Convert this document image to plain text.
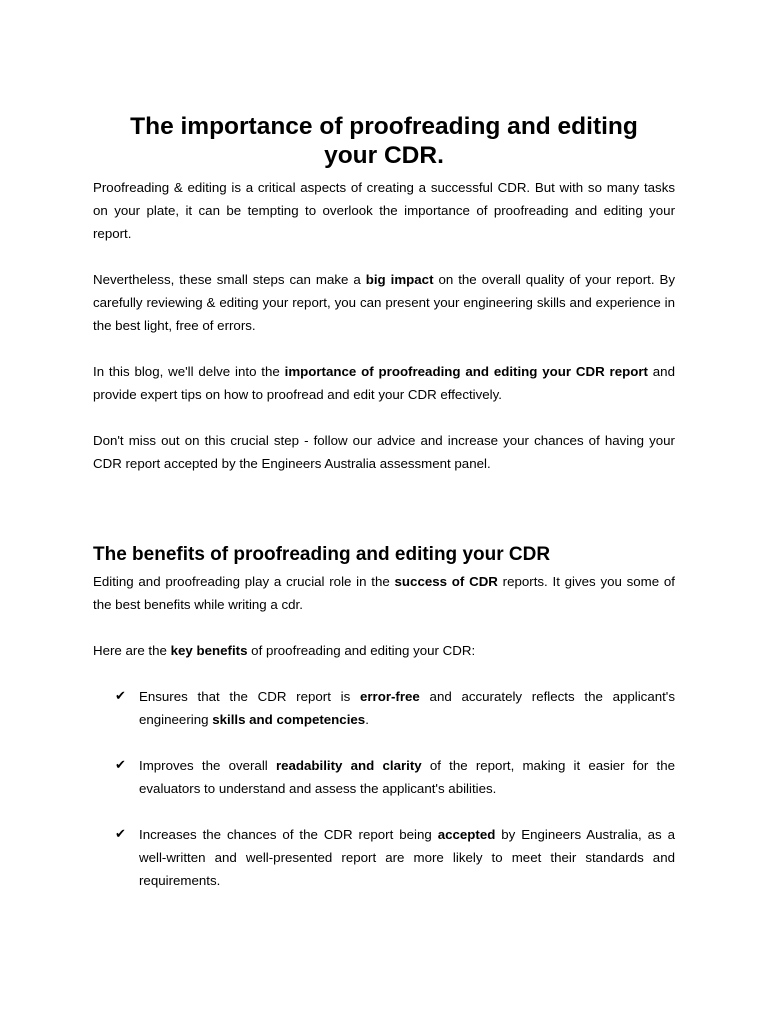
The importance of proofreading and editing your CDR.

Proofreading & editing is a critical aspects of creating a successful CDR. But with so many tasks on your plate, it can be tempting to overlook the importance of proofreading and editing your report.

Nevertheless, these small steps can make a big impact on the overall quality of your report. By carefully reviewing & editing your report, you can present your engineering skills and experience in the best light, free of errors.

In this blog, we'll delve into the importance of proofreading and editing your CDR report and provide expert tips on how to proofread and edit your CDR effectively.

Don't miss out on this crucial step - follow our advice and increase your chances of having your CDR report accepted by the Engineers Australia assessment panel.

The benefits of proofreading and editing your CDR

Editing and proofreading play a crucial role in the success of CDR reports. It gives you some of the best benefits while writing a cdr.

Here are the key benefits of proofreading and editing your CDR:

✔ Ensures that the CDR report is error-free and accurately reflects the applicant's engineering skills and competencies.
✔ Improves the overall readability and clarity of the report, making it easier for the evaluators to understand and assess the applicant's abilities.
✔ Increases the chances of the CDR report being accepted by Engineers Australia, as a well-written and well-presented report are more likely to meet their standards and requirements.
